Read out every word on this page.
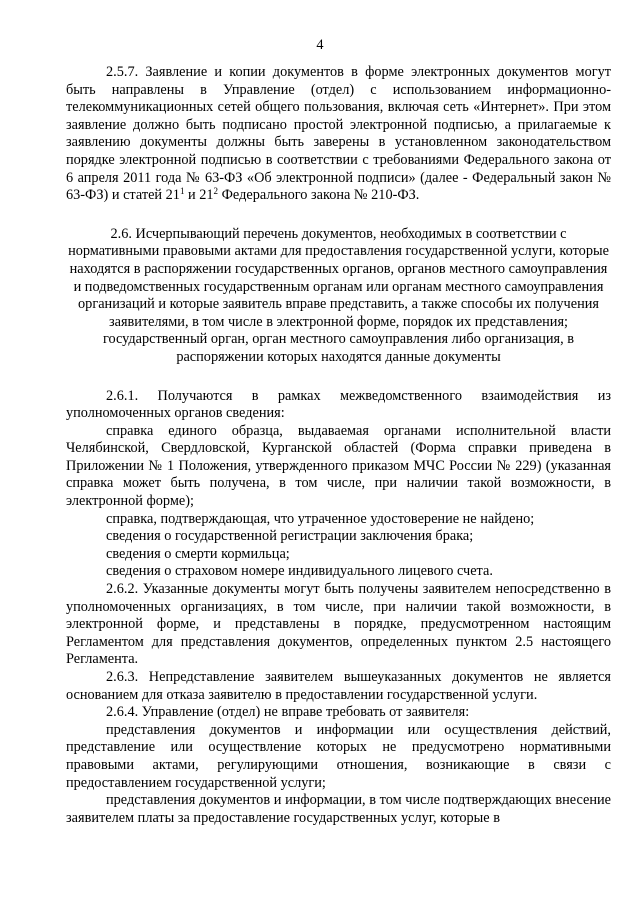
4

2.5.7. Заявление и копии документов в форме электронных документов могут быть направлены в Управление (отдел) с использованием информационно-телекоммуникационных сетей общего пользования, включая сеть «Интернет». При этом заявление должно быть подписано простой электронной подписью, а прилагаемые к заявлению документы должны быть заверены в установленном законодательством порядке электронной подписью в соответствии с требованиями Федерального закона от 6 апреля 2011 года № 63-ФЗ «Об электронной подписи» (далее - Федеральный закон № 63-ФЗ) и статей $21^1$ и $21^2$ Федерального закона № 210-ФЗ.

2.6. Исчерпывающий перечень документов, необходимых в соответствии с нормативными правовыми актами для предоставления государственной услуги, которые находятся в распоряжении государственных органов, органов местного самоуправления и подведомственных государственным органам или органам местного самоуправления организаций и которые заявитель вправе представить, а также способы их получения заявителями, в том числе в электронной форме, порядок их представления; государственный орган, орган местного самоуправления либо организация, в распоряжении которых находятся данные документы

2.6.1. Получаются в рамках межведомственного взаимодействия из уполномоченных органов сведения:

справка единого образца, выдаваемая органами исполнительной власти Челябинской, Свердловской, Курганской областей (Форма справки приведена в Приложении № 1 Положения, утвержденного приказом МЧС России № 229) (указанная справка может быть получена, в том числе, при наличии такой возможности, в электронной форме);

справка, подтверждающая, что утраченное удостоверение не найдено;

сведения о государственной регистрации заключения брака;

сведения о смерти кормильца;

сведения о страховом номере индивидуального лицевого счета.

2.6.2. Указанные документы могут быть получены заявителем непосредственно в уполномоченных организациях, в том числе, при наличии такой возможности, в электронной форме, и представлены в порядке, предусмотренном настоящим Регламентом для представления документов, определенных пунктом 2.5 настоящего Регламента.

2.6.3. Непредставление заявителем вышеуказанных документов не является основанием для отказа заявителю в предоставлении государственной услуги.

2.6.4. Управление (отдел) не вправе требовать от заявителя:

представления документов и информации или осуществления действий, представление или осуществление которых не предусмотрено нормативными правовыми актами, регулирующими отношения, возникающие в связи с предоставлением государственной услуги;

представления документов и информации, в том числе подтверждающих внесение заявителем платы за предоставление государственных услуг, которые в
